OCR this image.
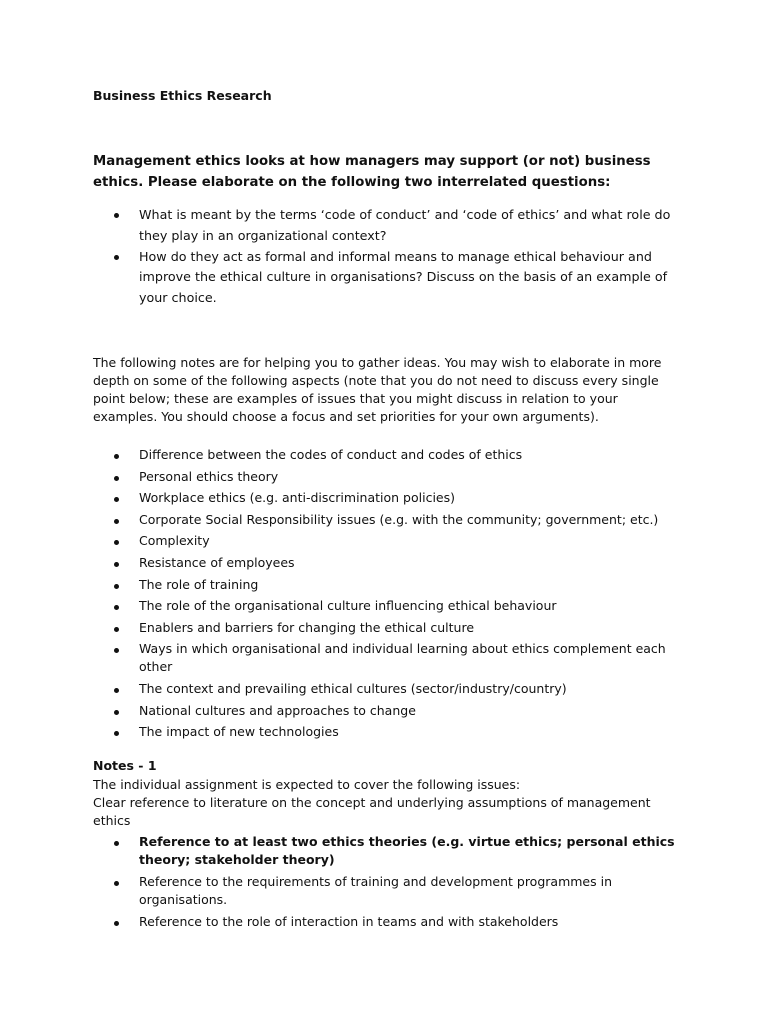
Business Ethics Research

Management ethics looks at how managers may support (or not) business ethics. Please elaborate on the following two interrelated questions:

What is meant by the terms ‘code of conduct’ and ‘code of ethics’ and what role do they play in an organizational context?
How do they act as formal and informal means to manage ethical behaviour and improve the ethical culture in organisations? Discuss on the basis of an example of your choice.

The following notes are for helping you to gather ideas. You may wish to elaborate in more depth on some of the following aspects (note that you do not need to discuss every single point below; these are examples of issues that you might discuss in relation to your examples. You should choose a focus and set priorities for your own arguments).

Difference between the codes of conduct and codes of ethics
Personal ethics theory
Workplace ethics (e.g. anti-discrimination policies)
Corporate Social Responsibility issues (e.g. with the community; government; etc.)
Complexity
Resistance of employees
The role of training
The role of the organisational culture influencing ethical behaviour
Enablers and barriers for changing the ethical culture
Ways in which organisational and individual learning about ethics complement each other
The context and prevailing ethical cultures (sector/industry/country)
National cultures and approaches to change
The impact of new technologies

Notes - 1

The individual assignment is expected to cover the following issues:
Clear reference to literature on the concept and underlying assumptions of management ethics
Reference to at least two ethics theories (e.g. virtue ethics; personal ethics theory; stakeholder theory)
Reference to the requirements of training and development programmes in organisations.
Reference to the role of interaction in teams and with stakeholders
